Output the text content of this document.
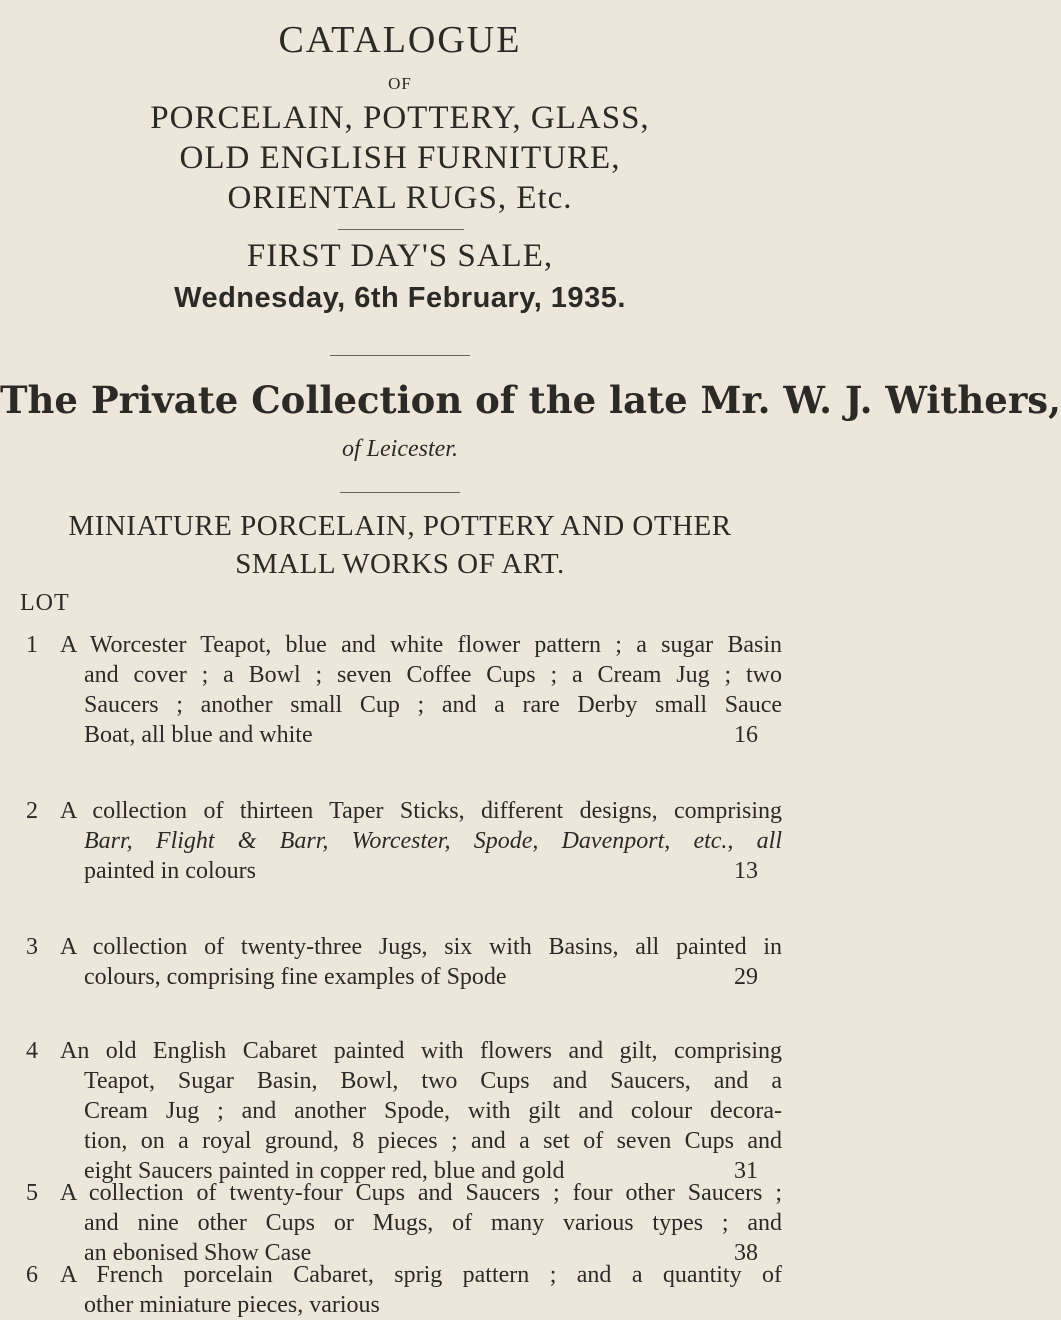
CATALOGUE
OF
PORCELAIN, POTTERY, GLASS,
OLD ENGLISH FURNITURE,
ORIENTAL RUGS, Etc.
FIRST DAY'S SALE,
Wednesday, 6th February, 1935.
The Private Collection of the late Mr. W. J. Withers,
of Leicester.
MINIATURE PORCELAIN, POTTERY AND OTHER
SMALL WORKS OF ART.
LOT
1 A Worcester Teapot, blue and white flower pattern ; a sugar Basin
and cover ; a Bowl ; seven Coffee Cups ; a Cream Jug ; two
Saucers ; another small Cup ; and a rare Derby small Sauce
Boat, all blue and white	16
2 A collection of thirteen Taper Sticks, different designs, comprising
Barr, Flight & Barr, Worcester, Spode, Davenport, etc., all
painted in colours	13
3 A collection of twenty-three Jugs, six with Basins, all painted in
colours, comprising fine examples of Spode	29
4 An old English Cabaret painted with flowers and gilt, comprising
Teapot, Sugar Basin, Bowl, two Cups and Saucers, and a
Cream Jug ; and another Spode, with gilt and colour decora-
tion, on a royal ground, 8 pieces ; and a set of seven Cups and
eight Saucers painted in copper red, blue and gold	31
5 A collection of twenty-four Cups and Saucers ; four other Saucers ;
and nine other Cups or Mugs, of many various types ; and
an ebonised Show Case	38
6 A French porcelain Cabaret, sprig pattern ; and a quantity of
other miniature pieces, various
